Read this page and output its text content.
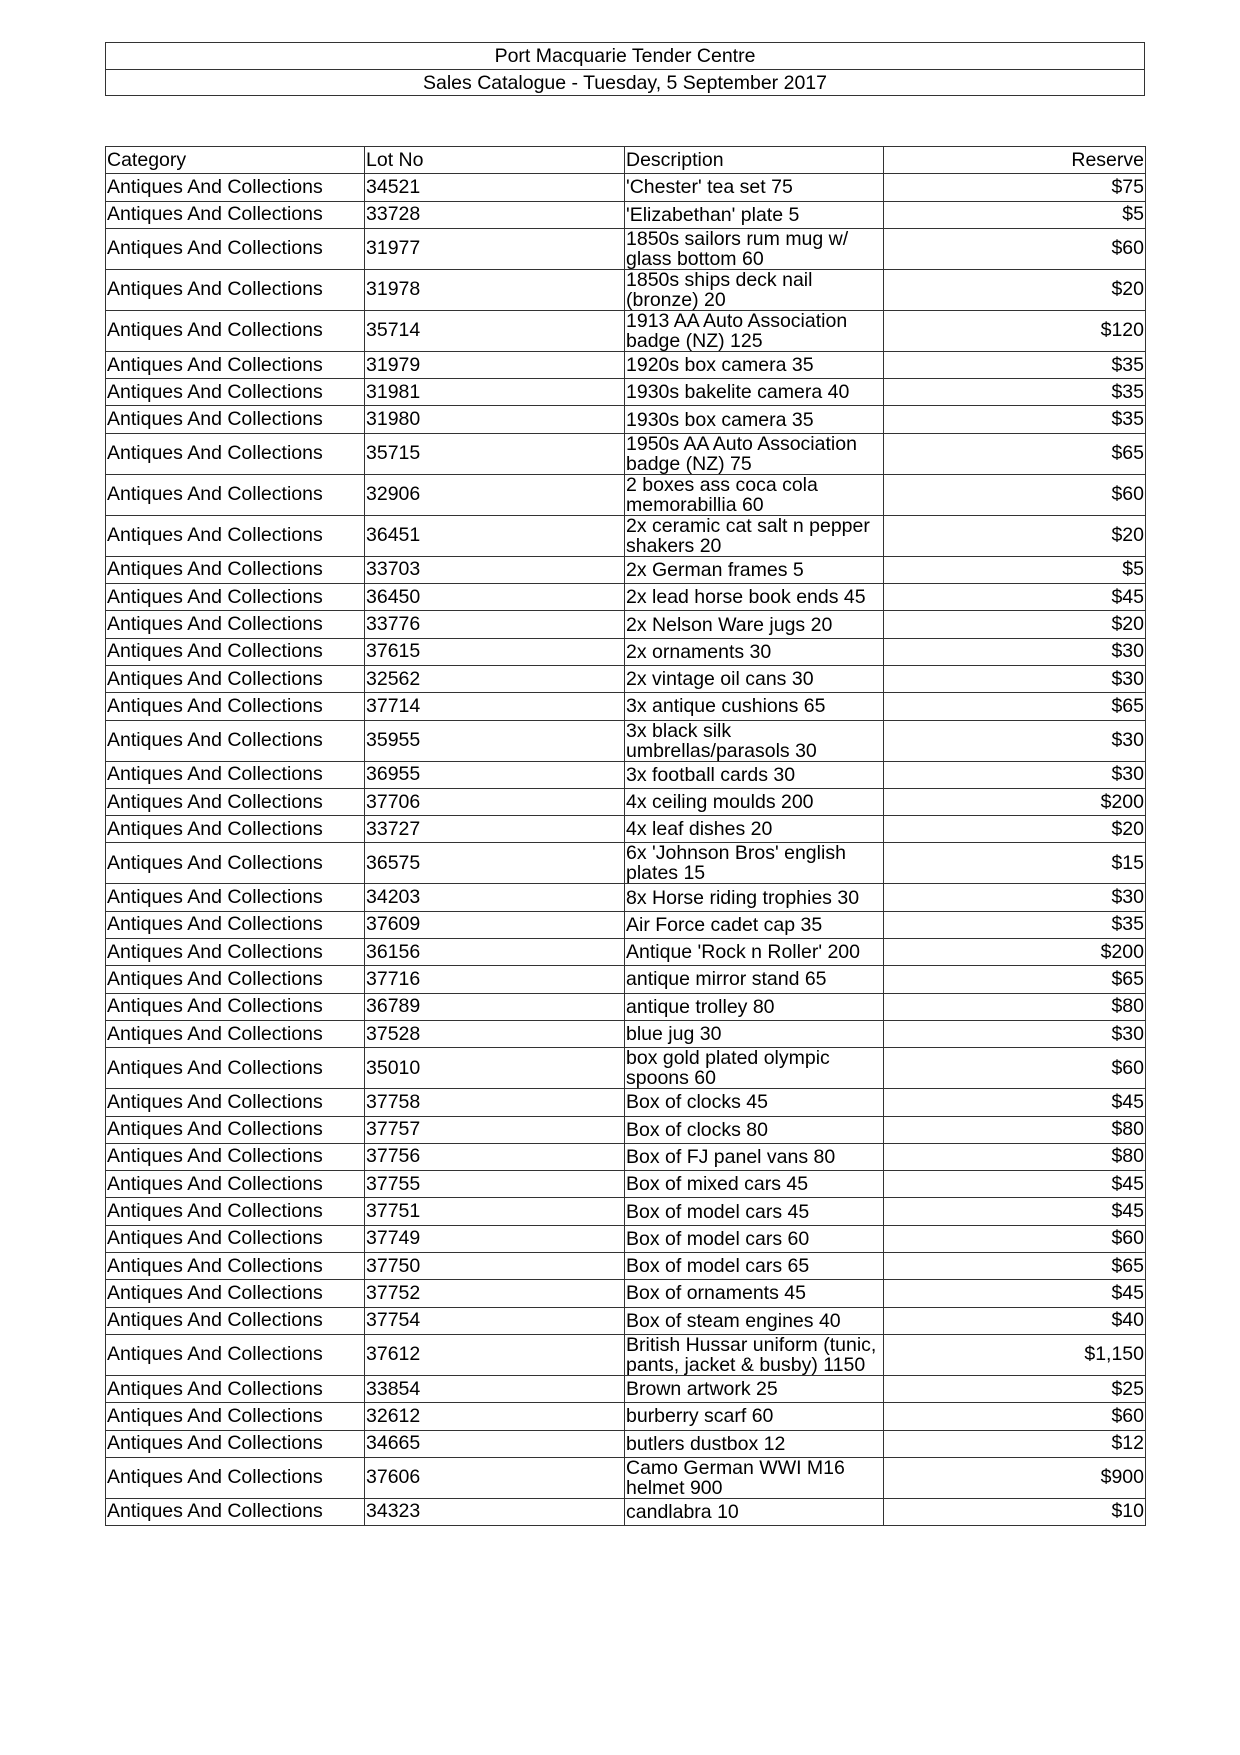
Port Macquarie Tender Centre
Sales Catalogue - Tuesday, 5 September 2017
Category	Lot No	Description	Reserve
Antiques And Collections	34521	'Chester' tea set 75	$75
Antiques And Collections	33728	'Elizabethan' plate 5	$5
Antiques And Collections	31977	1850s sailors rum mug w/ glass bottom 60	$60
Antiques And Collections	31978	1850s ships deck nail (bronze) 20	$20
Antiques And Collections	35714	1913 AA Auto Association badge (NZ) 125	$120
Antiques And Collections	31979	1920s box camera 35	$35
Antiques And Collections	31981	1930s bakelite camera 40	$35
Antiques And Collections	31980	1930s box camera 35	$35
Antiques And Collections	35715	1950s AA Auto Association badge (NZ) 75	$65
Antiques And Collections	32906	2 boxes ass coca cola memorabillia 60	$60
Antiques And Collections	36451	2x ceramic cat salt n pepper shakers 20	$20
Antiques And Collections	33703	2x German frames 5	$5
Antiques And Collections	36450	2x lead horse book ends 45	$45
Antiques And Collections	33776	2x Nelson Ware jugs 20	$20
Antiques And Collections	37615	2x ornaments 30	$30
Antiques And Collections	32562	2x vintage oil cans 30	$30
Antiques And Collections	37714	3x antique cushions 65	$65
Antiques And Collections	35955	3x black silk umbrellas/parasols 30	$30
Antiques And Collections	36955	3x football cards 30	$30
Antiques And Collections	37706	4x ceiling moulds 200	$200
Antiques And Collections	33727	4x leaf dishes 20	$20
Antiques And Collections	36575	6x 'Johnson Bros' english plates 15	$15
Antiques And Collections	34203	8x Horse riding trophies 30	$30
Antiques And Collections	37609	Air Force cadet cap 35	$35
Antiques And Collections	36156	Antique 'Rock n Roller' 200	$200
Antiques And Collections	37716	antique mirror stand 65	$65
Antiques And Collections	36789	antique trolley 80	$80
Antiques And Collections	37528	blue jug 30	$30
Antiques And Collections	35010	box gold plated olympic spoons 60	$60
Antiques And Collections	37758	Box of clocks 45	$45
Antiques And Collections	37757	Box of clocks 80	$80
Antiques And Collections	37756	Box of FJ panel vans 80	$80
Antiques And Collections	37755	Box of mixed cars 45	$45
Antiques And Collections	37751	Box of model cars 45	$45
Antiques And Collections	37749	Box of model cars 60	$60
Antiques And Collections	37750	Box of model cars 65	$65
Antiques And Collections	37752	Box of ornaments 45	$45
Antiques And Collections	37754	Box of steam engines 40	$40
Antiques And Collections	37612	British Hussar uniform (tunic, pants, jacket & busby) 1150	$1,150
Antiques And Collections	33854	Brown artwork 25	$25
Antiques And Collections	32612	burberry scarf 60	$60
Antiques And Collections	34665	butlers dustbox 12	$12
Antiques And Collections	37606	Camo German WWI M16 helmet 900	$900
Antiques And Collections	34323	candlabra 10	$10
